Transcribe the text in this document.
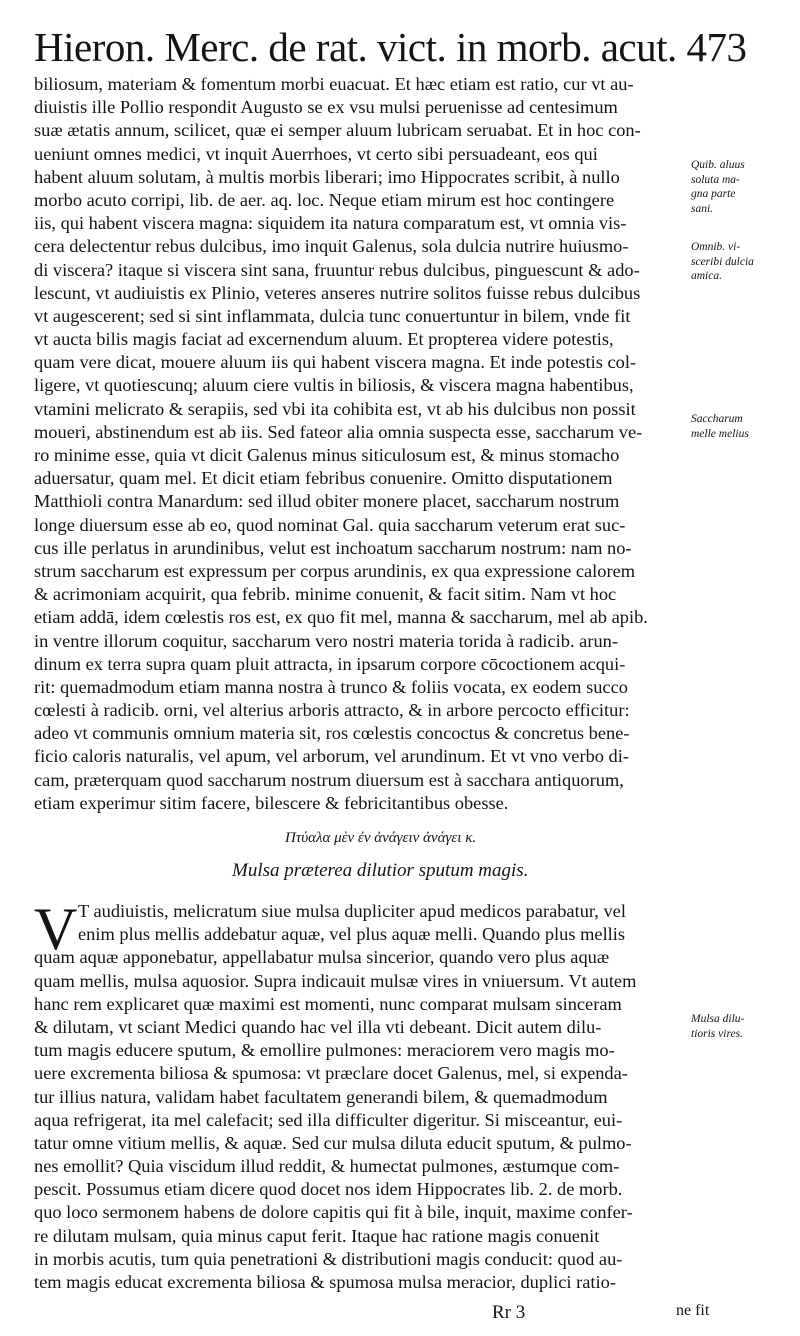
Hieron. Merc. de rat. vict. in morb. acut. 473
biliosum, materiam & fomentum morbi euacuat. Et hæc etiam est ratio, cur vt au-
diuistis ille Pollio respondit Augusto se ex vsu mulsi peruenisse ad centesimum
suæ ætatis annum, scilicet, quæ ei semper aluum lubricam seruabat. Et in hoc con-
ueniunt omnes medici, vt inquit Auerrhoes, vt certo sibi persuadeant, eos qui
habent aluum solutam, à multis morbis liberari; imo Hippocrates scribit, à nullo
morbo acuto corripi, lib. de aer. aq. loc. Neque etiam mirum est hoc contingere
iis, qui habent viscera magna: siquidem ita natura comparatum est, vt omnia vis-
cera delectentur rebus dulcibus, imo inquit Galenus, sola dulcia nutrire huiusmo-
di viscera? itaque si viscera sint sana, fruuntur rebus dulcibus, pinguescunt & ado-
lescunt, vt audiuistis ex Plinio, veteres anseres nutrire solitos fuisse rebus dulcibus
vt augescerent; sed si sint inflammata, dulcia tunc conuertuntur in bilem, vnde fit
vt aucta bilis magis faciat ad excernendum aluum. Et propterea videre potestis,
quam vere dicat, mouere aluum iis qui habent viscera magna. Et inde potestis col-
ligere, vt quotiescunq; aluum ciere vultis in biliosis, & viscera magna habentibus,
vtamini melicrato & serapiis, sed vbi ita cohibita est, vt ab his dulcibus non possit
moueri, abstinendum est ab iis. Sed fateor alia omnia suspecta esse, saccharum ve-
ro minime esse, quia vt dicit Galenus minus siticulosum est, & minus stomacho
aduersatur, quam mel. Et dicit etiam febribus conuenire. Omitto disputationem
Matthioli contra Manardum: sed illud obiter monere placet, saccharum nostrum
longe diuersum esse ab eo, quod nominat Gal. quia saccharum veterum erat suc-
cus ille perlatus in arundinibus, velut est inchoatum saccharum nostrum: nam no-
strum saccharum est expressum per corpus arundinis, ex qua expressione calorem
& acrimoniam acquirit, qua febrib. minime conuenit, & facit sitim. Nam vt hoc
etiam addā, idem cœlestis ros est, ex quo fit mel, manna & saccharum, mel ab apib.
in ventre illorum coquitur, saccharum vero nostri materia torida à radicib. arun-
dinum ex terra supra quam pluit attracta, in ipsarum corpore cōcoctionem acqui-
rit: quemadmodum etiam manna nostra à trunco & foliis vocata, ex eodem succo
cœlesti à radicib. orni, vel alterius arboris attracto, & in arbore percocto efficitur:
adeo vt communis omnium materia sit, ros cœlestis concoctus & concretus bene-
ficio caloris naturalis, vel apum, vel arborum, vel arundinum. Et vt vno verbo di-
cam, præterquam quod saccharum nostrum diuersum est à sacchara antiquorum,
etiam experimur sitim facere, bilescere & febricitantibus obesse.
Πτύαλα μὲν ἐν ἀνάγειν ἀνάγει κ.
Mulsa præterea dilutior sputum magis.
V T audiuistis, melicratum siue mulsa dupliciter apud medicos parabatur, vel
enim plus mellis addebatur aquæ, vel plus aquæ melli. Quando plus mellis
quam aquæ apponebatur, appellabatur mulsa sincerior, quando vero plus aquæ
quam mellis, mulsa aquosior. Supra indicauit mulsæ vires in vniuersum. Vt autem
hanc rem explicaret quæ maximi est momenti, nunc comparat mulsam sinceram
& dilutam, vt sciant Medici quando hac vel illa vti debeant. Dicit autem dilu-
tum magis educere sputum, & emollire pulmones: meraciorem vero magis mo-
uere excrementa biliosa & spumosa: vt præclare docet Galenus, mel, si expenda-
tur illius natura, validam habet facultatem generandi bilem, & quemadmodum
aqua refrigerat, ita mel calefacit; sed illa difficulter digeritur. Si misceantur, eui-
tatur omne vitium mellis, & aquæ. Sed cur mulsa diluta educit sputum, & pulmo-
nes emollit? Quia viscidum illud reddit, & humectat pulmones, æstumque com-
pescit. Possumus etiam dicere quod docet nos idem Hippocrates lib. 2. de morb.
quo loco sermonem habens de dolore capitis qui fit à bile, inquit, maxime confer-
re dilutam mulsam, quia minus caput ferit. Itaque hac ratione magis conuenit
in morbis acutis, tum quia penetrationi & distributioni magis conducit: quod au-
tem magis educat excrementa biliosa & spumosa mulsa meracior, duplici ratio-
Quib. aluus
soluta ma-
gna parte
sani.
Omnib. vi-
sceribi dulcia
amica.
Saccharum
melle melius
Mulsa dilu-
tioris vires.
Rr 3	ne fit
